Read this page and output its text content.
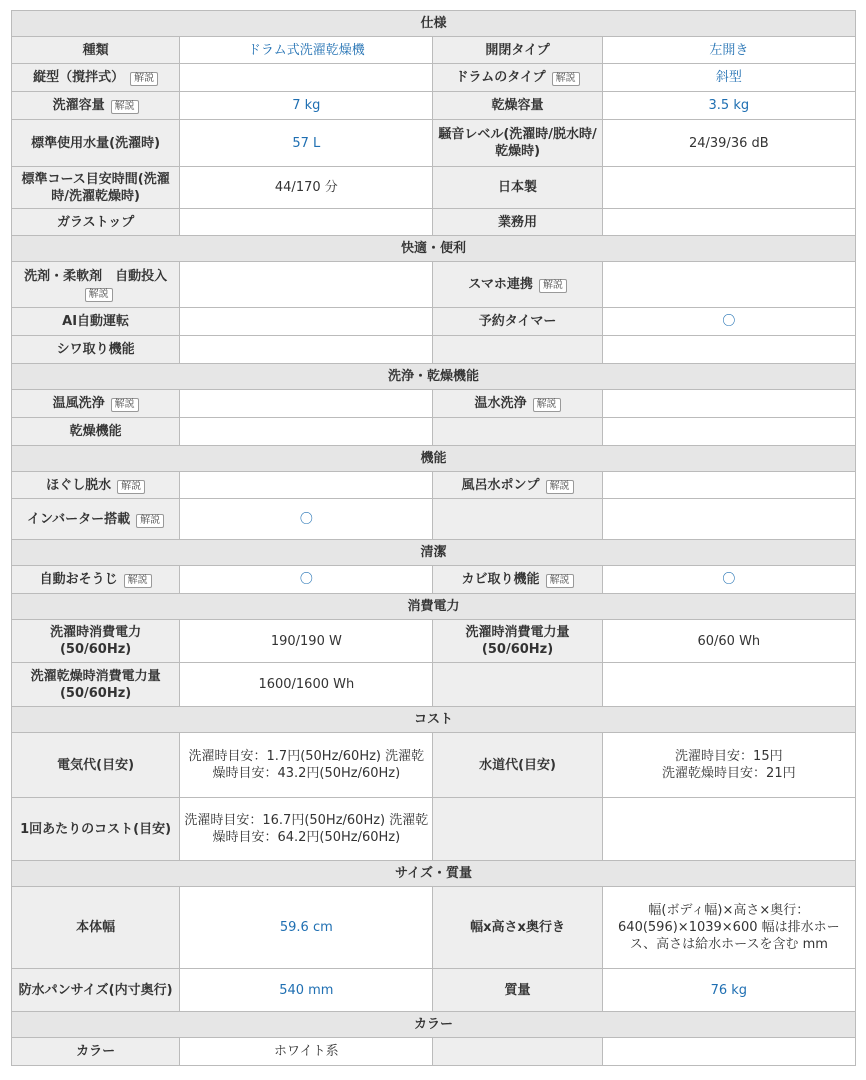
仕様			
種類	ドラム式洗濯乾燥機	開閉タイプ	左開き
縦型（撹拌式） 解説		ドラムのタイプ 解説	斜型
洗濯容量 解説	7 kg	乾燥容量	3.5 kg
標準使用水量(洗濯時)	57 L	騒音レベル(洗濯時/脱水時/乾燥時)	24/39/36 dB
標準コース目安時間(洗濯時/洗濯乾燥時)	44/170 分	日本製	
ガラストップ		業務用	
快適・便利			
洗剤・柔軟剤　自動投入解説		スマホ連携 解説	
AI自動運転		予約タイマー	〇
シワ取り機能			
洗浄・乾燥機能			
温風洗浄 解説		温水洗浄 解説	
乾燥機能			
機能			
ほぐし脱水 解説		風呂水ポンプ 解説	
インバーター搭載 解説	〇		
清潔			
自動おそうじ 解説	〇	カビ取り機能 解説	〇
消費電力			
洗濯時消費電力(50/60Hz)	190/190 W	洗濯時消費電力量(50/60Hz)	60/60 Wh
洗濯乾燥時消費電力量(50/60Hz)	1600/1600 Wh		
コスト			
電気代(目安)	洗濯時目安：1.7円(50Hz/60Hz) 洗濯乾燥時目安：43.2円(50Hz/60Hz)	水道代(目安)	洗濯時目安：15円
洗濯乾燥時目安：21円
1回あたりのコスト(目安)	洗濯時目安：16.7円(50Hz/60Hz) 洗濯乾燥時目安：64.2円(50Hz/60Hz)		
サイズ・質量			
本体幅	59.6 cm	幅x高さx奥行き	幅(ボディ幅)×高さ×奥行：640(596)×1039×600 幅は排水ホース、高さは給水ホースを含む mm
防水パンサイズ(内寸奥行)	540 mm	質量	76 kg
カラー			
カラー	ホワイト系		
